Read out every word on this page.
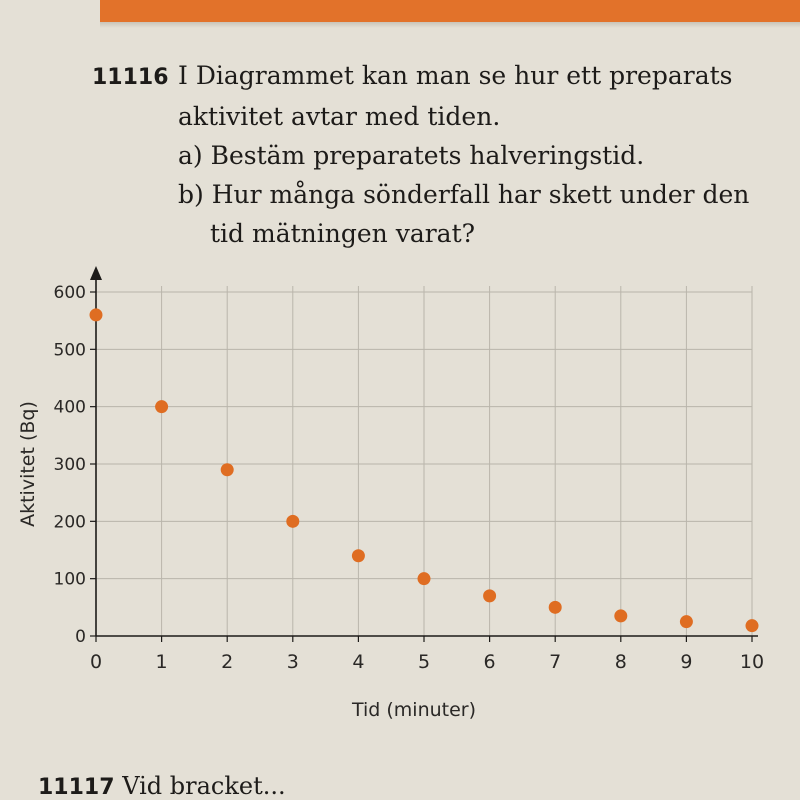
11116 I Diagrammet kan man se hur ett preparats
aktivitet avtar med tiden.
a) Bestäm preparatets halveringstid.
b) Hur många sönderfall har skett under den
tid mätningen varat?
0	1	2	3	4	5	6	7	8	9 10
0
100
200
300
400
500
600
Tid (minuter)
Aktivitet (Bq)
11117 Vid bracket...
